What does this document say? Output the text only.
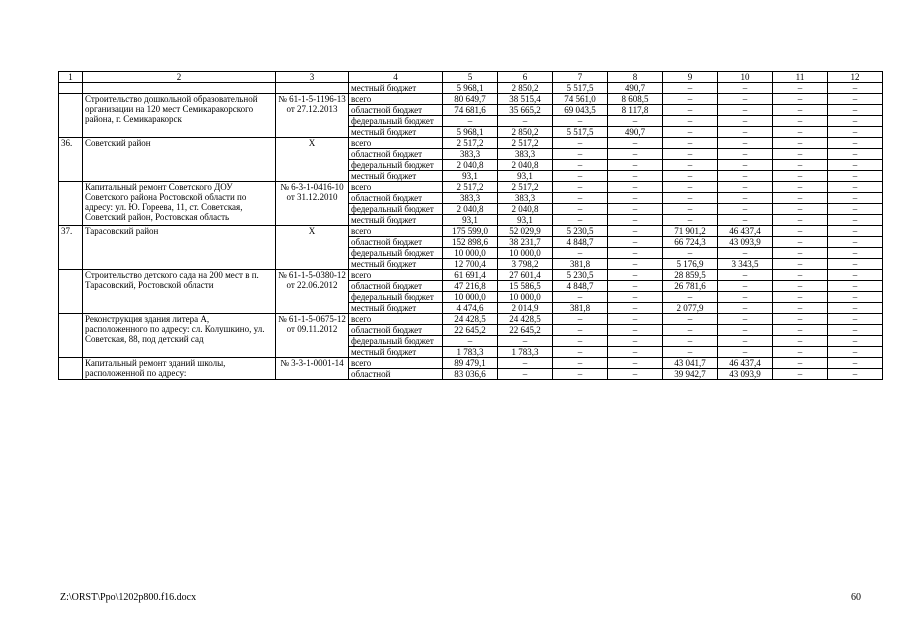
1	2	3	4	5	6	7	8	9	10	11	12
			местный бюджет	5 968,1	2 850,2	5 517,5	490,7	–	–	–	–
	Строительство дошкольной образовательной организации на 120 мест Семикаракорского района, г. Семикаракорск	№ 61-1-5-1196-13 от 27.12.2013	всего	80 649,7	38 515,4	74 561,0	8 608,5	–	–	–	–
			областной бюджет	74 681,6	35 665,2	69 043,5	8 117,8	–	–	–	–
			федеральный бюджет	–	–	–	–	–	–	–	–
			местный бюджет	5 968,1	2 850,2	5 517,5	490,7	–	–	–	–
36.	Советский район	Х	всего	2 517,2	2 517,2	–	–	–	–	–	–
			областной бюджет	383,3	383,3	–	–	–	–	–	–
			федеральный бюджет	2 040,8	2 040,8	–	–	–	–	–	–
			местный бюджет	93,1	93,1	–	–	–	–	–	–
	Капитальный ремонт Советского ДОУ Советского района Ростовской области по адресу: ул. Ю. Гореева, 11, ст. Советская, Советский район, Ростовская область	№ 6-3-1-0416-10 от 31.12.2010	всего	2 517,2	2 517,2	–	–	–	–	–	–
			областной бюджет	383,3	383,3	–	–	–	–	–	–
			федеральный бюджет	2 040,8	2 040,8	–	–	–	–	–	–
			местный бюджет	93,1	93,1	–	–	–	–	–	–
37.	Тарасовский район	Х	всего	175 599,0	52 029,9	5 230,5	–	71 901,2	46 437,4	–	–
			областной бюджет	152 898,6	38 231,7	4 848,7	–	66 724,3	43 093,9	–	–
			федеральный бюджет	10 000,0	10 000,0	–	–	–	–	–	–
			местный бюджет	12 700,4	3 798,2	381,8	–	5 176,9	3 343,5	–	–
	Строительство детского сада на 200 мест в п. Тарасовский, Ростовской области	№ 61-1-5-0380-12 от 22.06.2012	всего	61 691,4	27 601,4	5 230,5	–	28 859,5	–	–	–
			областной бюджет	47 216,8	15 586,5	4 848,7	–	26 781,6	–	–	–
			федеральный бюджет	10 000,0	10 000,0	–	–	–	–	–	–
			местный бюджет	4 474,6	2 014,9	381,8	–	2 077,9	–	–	–
	Реконструкция здания литера А, расположенного по адресу: сл. Колушкино, ул. Советская, 88, под детский сад	№ 61-1-5-0675-12 от 09.11.2012	всего	24 428,5	24 428,5	–	–	–	–	–	–
			областной бюджет	22 645,2	22 645,2	–	–	–	–	–	–
			федеральный бюджет	–	–	–	–	–	–	–	–
			местный бюджет	1 783,3	1 783,3	–	–	–	–	–	–
	Капитальный ремонт зданий школы, расположенной по адресу:	№ 3-3-1-0001-14	всего	89 479,1	–	–	–	43 041,7	46 437,4	–	–
			областной	83 036,6	–	–	–	39 942,7	43 093,9	–	–
Z:\ORST\Ppo\1202p800.f16.docx	60
